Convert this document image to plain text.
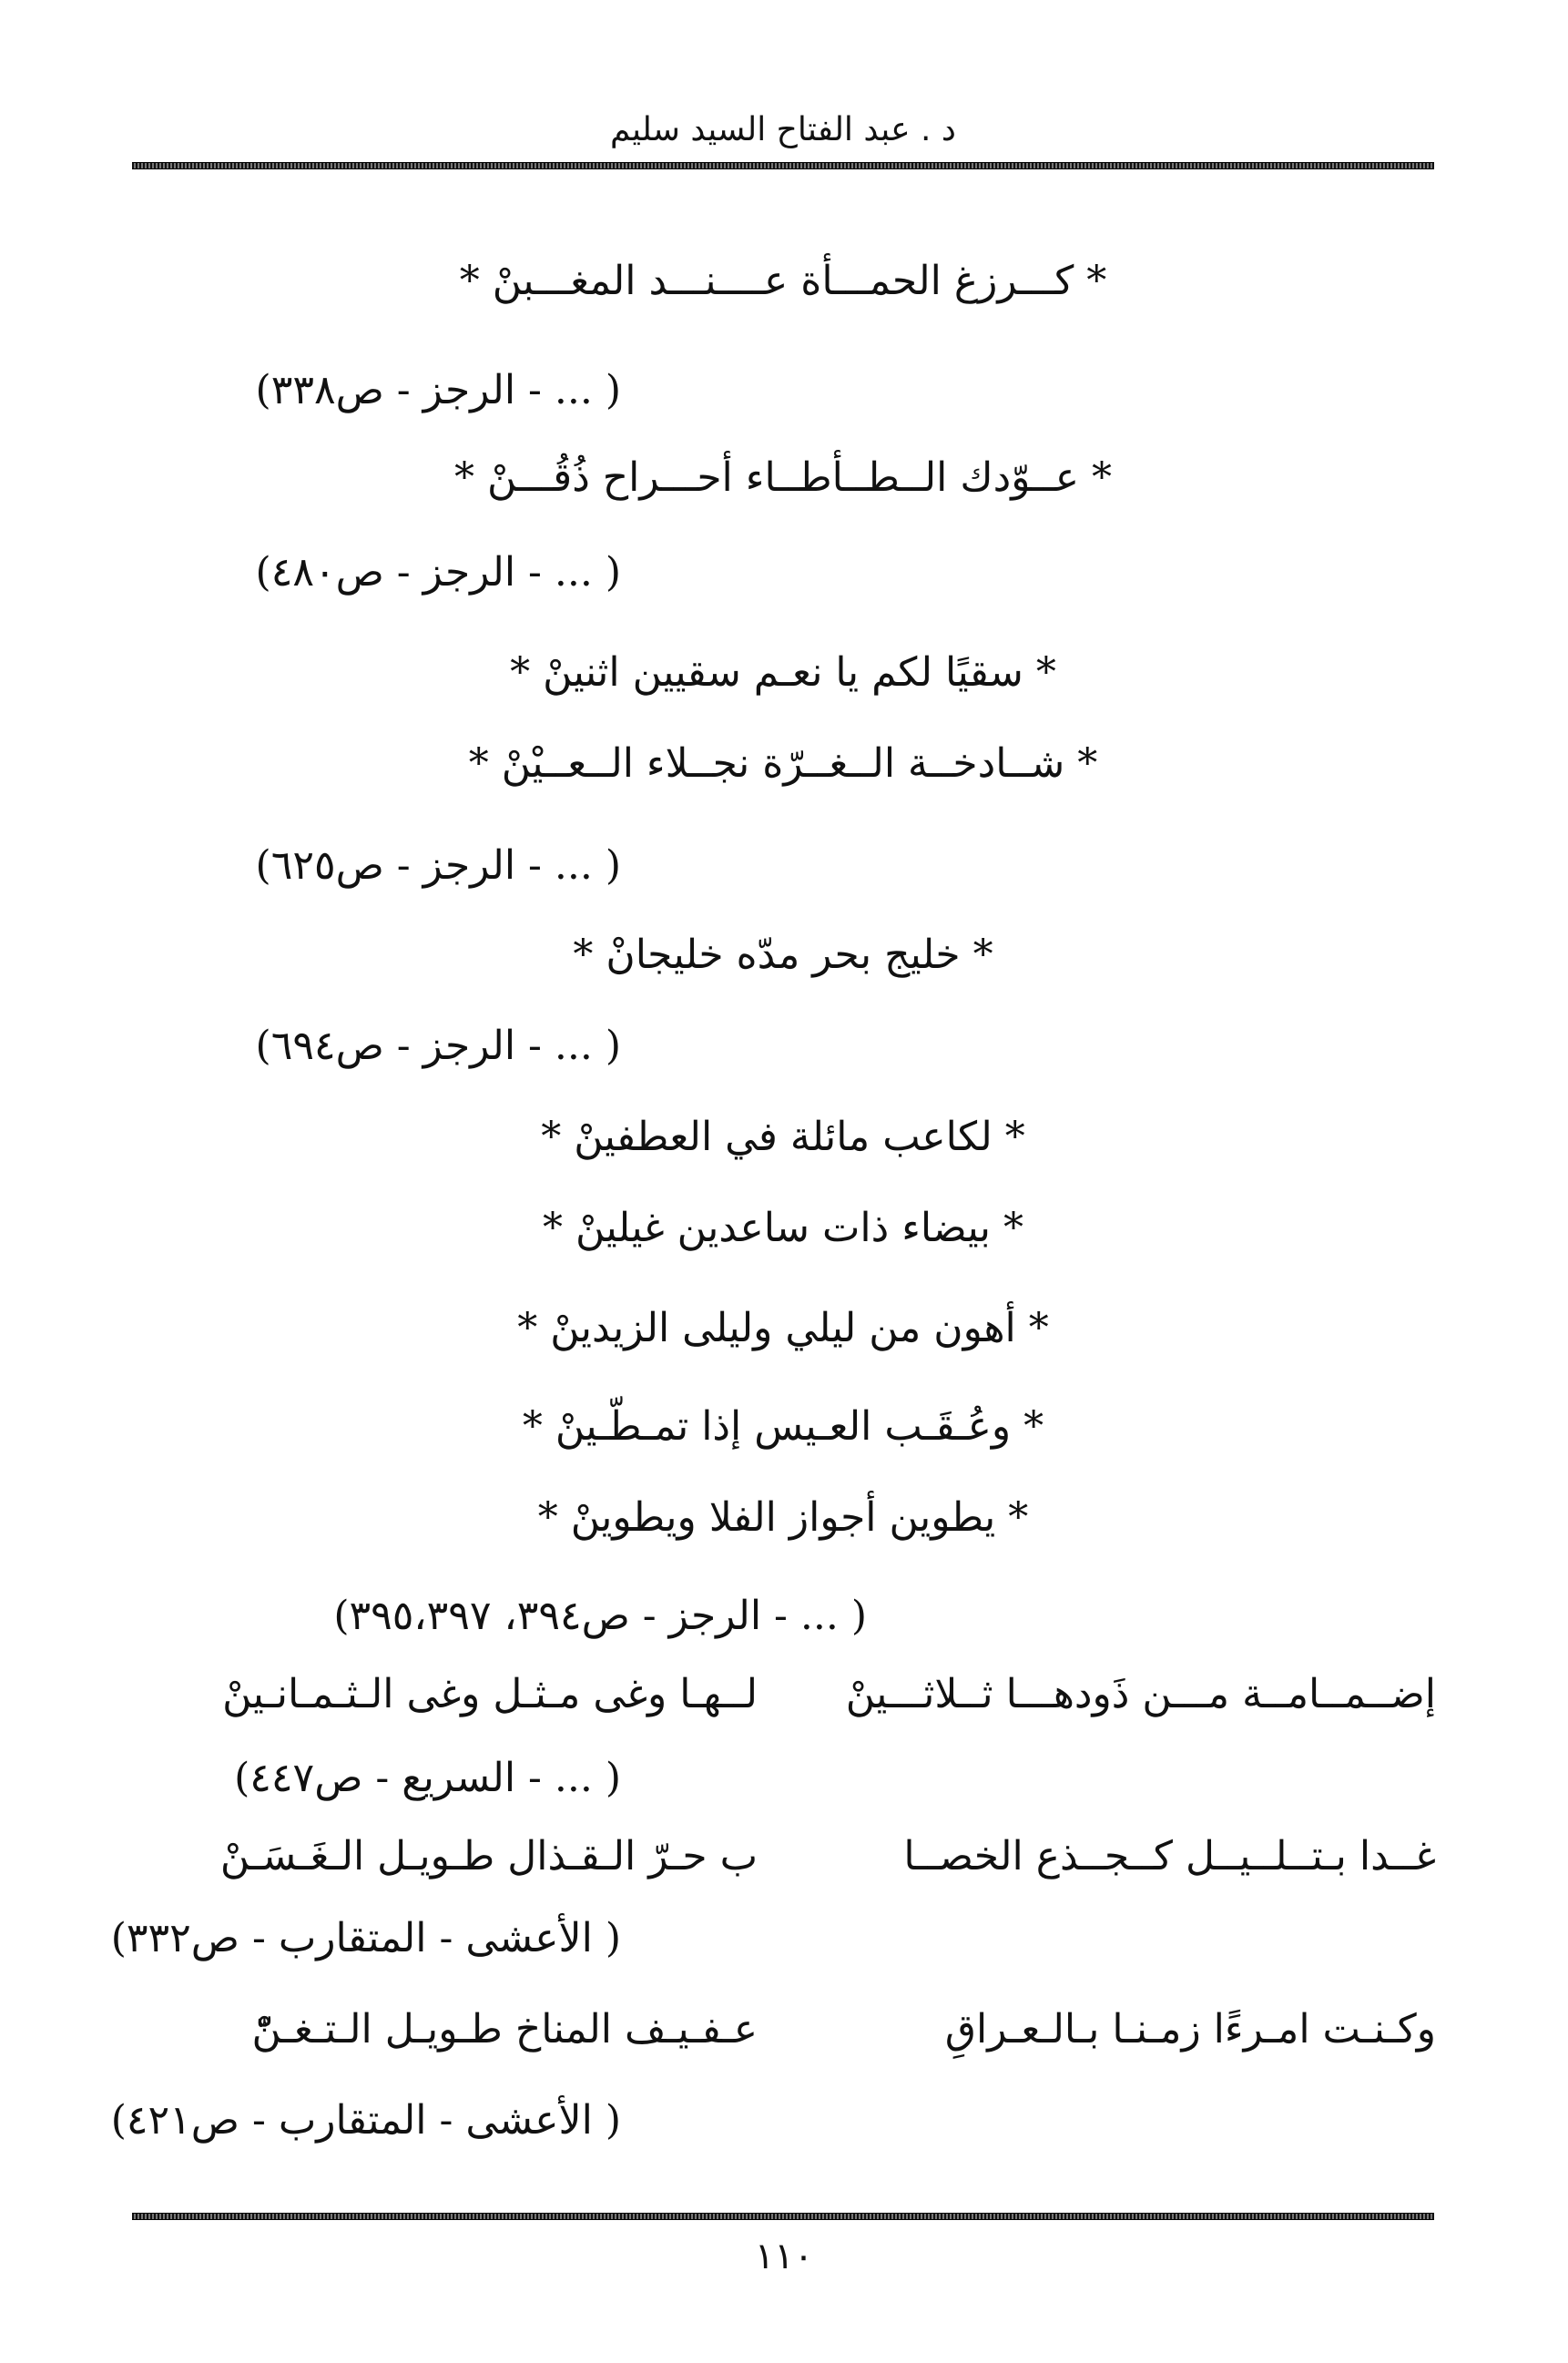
د . عبد الفتاح السيد سليم
* كـــرزغ الحمـــأة عــــنـــد المغـــبنْ *
( ... - الرجز - ص٣٣٨)
* عــوّدك الــطــأطــاء أحـــراح ذُقُـــنْ *
( ... - الرجز - ص٤٨٠)
* سقيًا لكم يا نعـم سقيين اثنينْ *
* شــادخــة الــغــرّة نجــلاء الــعــيْنْ *
( ... - الرجز - ص٦٢٥)
* خليج بحر مدّه خليجانْ *
( ... - الرجز - ص٦٩٤)
* لكاعب مائلة في العطفينْ *
* بيضاء ذات ساعدين غيلينْ *
* أهون من ليلي وليلى الزيدينْ *
* وعُـقَـب العـيس إذا تمـطّـينْ *
* يطوين أجواز الفلا ويطوينْ *
( ... - الرجز - ص٣٩٤، ٣٩٥،٣٩٧)
إضــمــامــة مـــن ذَودهـــا ثــلاثـــينْ
لــهـا وغى مـثـل وغى الـثـمـانـينْ
( ... - السريع - ص٤٤٧)
غــدا بـتــلــيــل كــجــذع الخصــا
ب حـرّ الـقـذال طـويـل الـغَـسَـنْ
( الأعشى - المتقارب - ص٣٣٢)
وكـنـت امـرءًا زمـنـا بـالـعـراقِ
عـفـيـف المناخ طـويـل الـتـغـنّْ
( الأعشى - المتقارب - ص٤٢١)
١١٠
